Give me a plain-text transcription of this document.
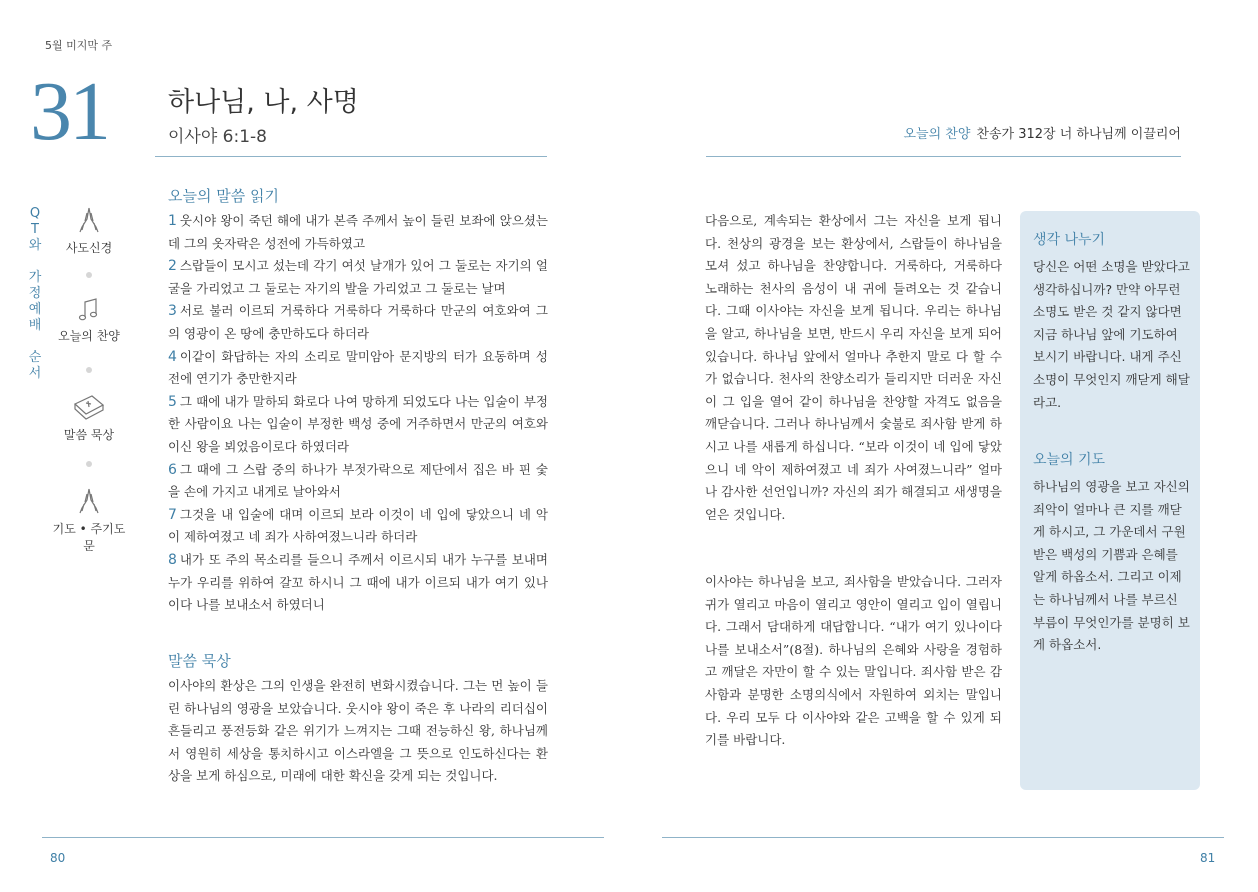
5월 미지막 주
31 하나님, 나, 사명
이사야 6:1-8	오늘의 찬양 찬송가 312장 너 하나님께 이끌리어
Q
T
와
가
정
예
배
순
서
사도신경
오늘의 찬양
말씀 묵상
기도 • 주기도문
오늘의 말씀 읽기
1 웃시야 왕이 죽던 해에 내가 본즉 주께서 높이 들린 보좌에 앉으셨는데 그의 옷자락은 성전에 가득하였고
2 스랍들이 모시고 섰는데 각기 여섯 날개가 있어 그 둘로는 자기의 얼굴을 가리었고 그 둘로는 자기의 발을 가리었고 그 둘로는 날며
3 서로 불러 이르되 거룩하다 거룩하다 거룩하다 만군의 여호와여 그의 영광이 온 땅에 충만하도다 하더라
4 이같이 화답하는 자의 소리로 말미암아 문지방의 터가 요동하며 성전에 연기가 충만한지라
5 그 때에 내가 말하되 화로다 나여 망하게 되었도다 나는 입술이 부정한 사람이요 나는 입술이 부정한 백성 중에 거주하면서 만군의 여호와이신 왕을 뵈었음이로다 하였더라
6 그 때에 그 스랍 중의 하나가 부젓가락으로 제단에서 집은 바 핀 숯을 손에 가지고 내게로 날아와서
7 그것을 내 입술에 대며 이르되 보라 이것이 네 입에 닿았으니 네 악이 제하여졌고 네 죄가 사하여졌느니라 하더라
8 내가 또 주의 목소리를 들으니 주께서 이르시되 내가 누구를 보내며 누가 우리를 위하여 갈꼬 하시니 그 때에 내가 이르되 내가 여기 있나이다 나를 보내소서 하였더니
말씀 묵상
이사야의 환상은 그의 인생을 완전히 변화시켰습니다. 그는 먼 높이 들린 하나님의 영광을 보았습니다. 웃시야 왕이 죽은 후 나라의 리더십이 흔들리고 풍전등화 같은 위기가 느껴지는 그때 전능하신 왕, 하나님께서 영원히 세상을 통치하시고 이스라엘을 그 뜻으로 인도하신다는 환상을 보게 하심으로, 미래에 대한 확신을 갖게 되는 것입니다.
다음으로, 계속되는 환상에서 그는 자신을 보게 됩니다. 천상의 광경을 보는 환상에서, 스랍들이 하나님을 모셔 섰고 하나님을 찬양합니다. 거룩하다, 거룩하다 노래하는 천사의 음성이 내 귀에 들려오는 것 같습니다. 그때 이사야는 자신을 보게 됩니다. 우리는 하나님을 알고, 하나님을 보면, 반드시 우리 자신을 보게 되어 있습니다. 하나님 앞에서 얼마나 추한지 말로 다 할 수가 없습니다. 천사의 찬양소리가 들리지만 더러운 자신이 그 입을 열어 같이 하나님을 찬양할 자격도 없음을 깨닫습니다. 그러나 하나님께서 숯불로 죄사함 받게 하시고 나를 새롭게 하십니다. “보라 이것이 네 입에 닿았으니 네 악이 제하여졌고 네 죄가 사여졌느니라” 얼마나 감사한 선언입니까? 자신의 죄가 해결되고 새생명을 얻은 것입니다.
이사야는 하나님을 보고, 죄사함을 받았습니다. 그러자 귀가 열리고 마음이 열리고 영안이 열리고 입이 열립니다. 그래서 담대하게 대답합니다. “내가 여기 있나이다 나를 보내소서”(8절). 하나님의 은혜와 사랑을 경험하고 깨달은 자만이 할 수 있는 말입니다. 죄사함 받은 감사함과 분명한 소명의식에서 자원하여 외치는 말입니다. 우리 모두 다 이사야와 같은 고백을 할 수 있게 되기를 바랍니다.
생각 나누기
당신은 어떤 소명을 받았다고 생각하십니까? 만약 아무런 소명도 받은 것 같지 않다면 지금 하나님 앞에 기도하여 보시기 바랍니다. 내게 주신 소명이 무엇인지 깨닫게 해달라고.
오늘의 기도
하나님의 영광을 보고 자신의 죄악이 얼마나 큰 지를 깨닫게 하시고, 그 가운데서 구원받은 백성의 기쁨과 은혜를 알게 하옵소서. 그리고 이제는 하나님께서 나를 부르신 부름이 무엇인가를 분명히 보게 하옵소서.
80	81
